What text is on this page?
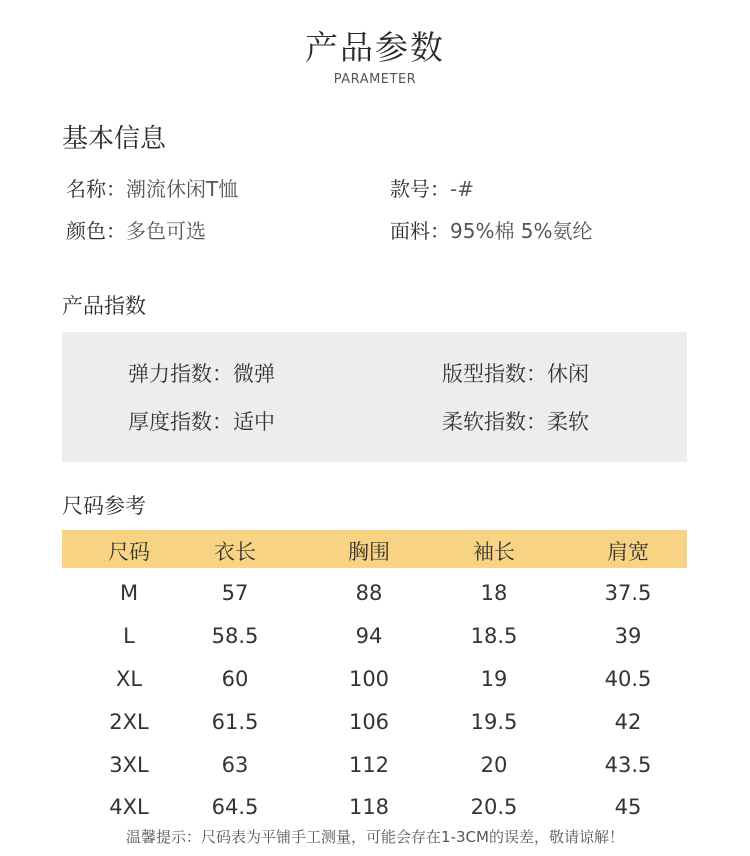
产品参数
PARAMETER
基本信息
名称：潮流休闲T恤	款号：-#
颜色：多色可选	面料：95%棉 5%氨纶
产品指数
弹力指数：微弹	版型指数：休闲
厚度指数：适中	柔软指数：柔软
尺码参考
尺码	衣长	胸围	袖长	肩宽
M	57	88	18	37.5
L	58.5	94	18.5	39
XL	60	100	19	40.5
2XL	61.5	106	19.5	42
3XL	63	112	20	43.5
4XL	64.5	118	20.5	45
温馨提示：尺码表为平铺手工测量，可能会存在1-3CM的误差，敬请谅解！
